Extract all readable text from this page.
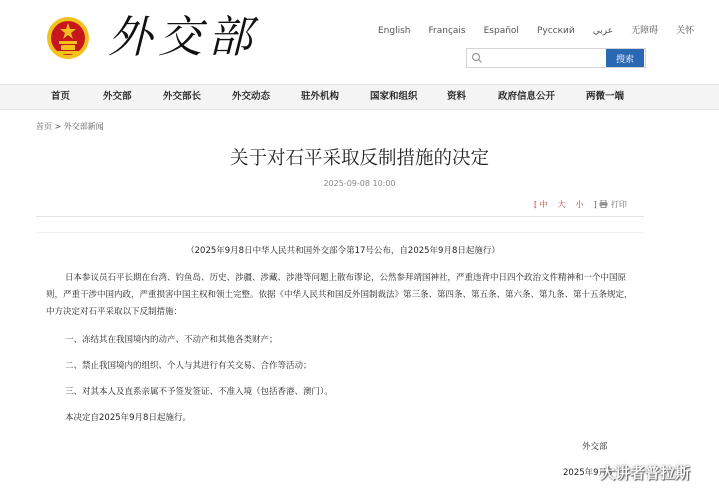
外交部	English Français Español Русский عربي 无障碍 关怀
搜索
首页	外交部	外交部长	外交动态	驻外机构	国家和组织	资料	政府信息公开	两微一端
首页 > 外交部新闻
关于对石平采取反制措施的决定
2025-09-08 10:00
[ 中 大 小 ] 打印
（2025年9月8日中华人民共和国外交部令第17号公布，自2025年9月8日起施行）
日本参议员石平长期在台湾、钓鱼岛、历史、涉疆、涉藏、涉港等问题上散布谬论，公然参拜靖国神社，严重违背中日四个政治文件精神和一个中国原则，严重干涉中国内政，严重损害中国主权和领土完整。依据《中华人民共和国反外国制裁法》第三条、第四条、第五条、第六条、第九条、第十五条规定，中方决定对石平采取以下反制措施：
一、冻结其在我国境内的动产、不动产和其他各类财产；
二、禁止我国境内的组织、个人与其进行有关交易、合作等活动；
三、对其本人及直系亲属不予签发签证、不准入境（包括香港、澳门）。
本决定自2025年9月8日起施行。
外交部
2025年9月3
大讲者普拉斯
